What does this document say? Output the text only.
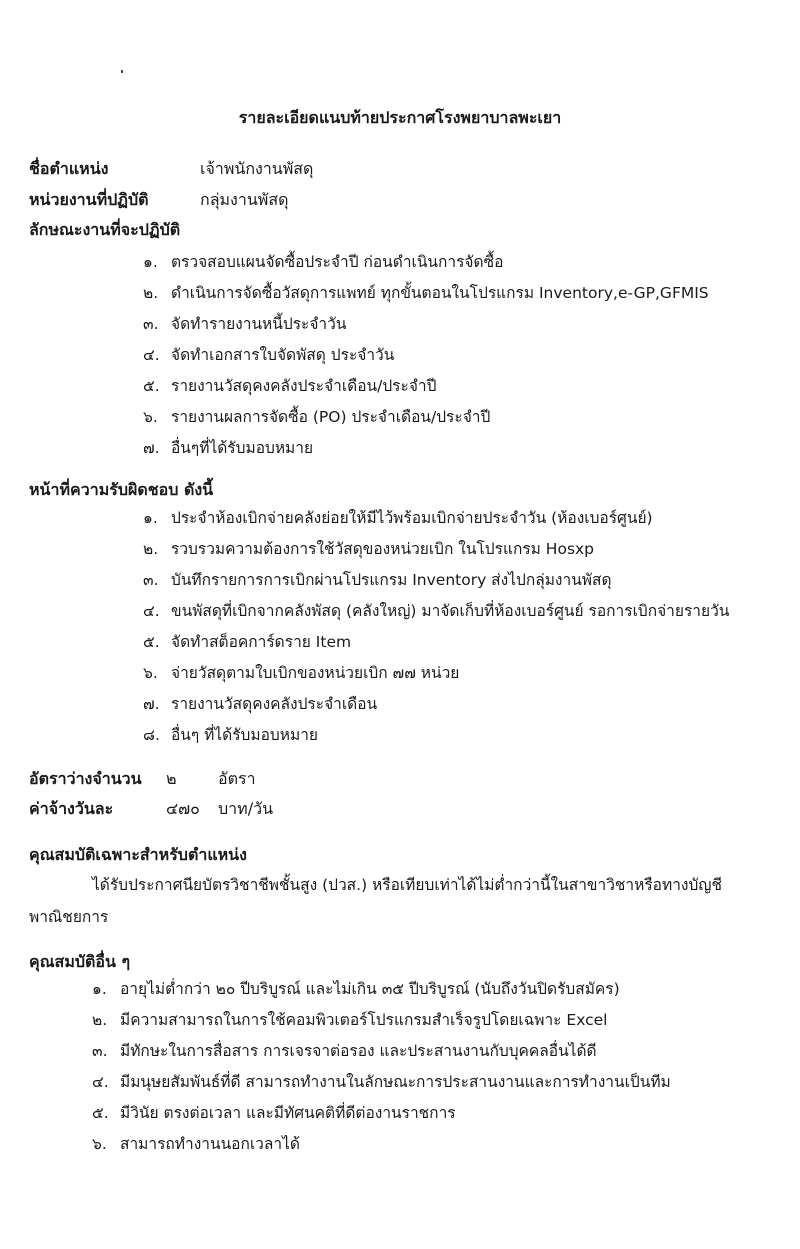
รายละเอียดแนบท้ายประกาศโรงพยาบาลพะเยา
ชื่อตำแหน่ง	เจ้าพนักงานพัสดุ
หน่วยงานที่ปฏิบัติ	กลุ่มงานพัสดุ
ลักษณะงานที่จะปฏิบัติ
๑. ตรวจสอบแผนจัดซื้อประจำปี ก่อนดำเนินการจัดซื้อ
๒. ดำเนินการจัดซื้อวัสดุการแพทย์ ทุกขั้นตอนในโปรแกรม Inventory,e-GP,GFMIS
๓. จัดทำรายงานหนี้ประจำวัน
๔. จัดทำเอกสารใบจัดพัสดุ ประจำวัน
๕. รายงานวัสดุคงคลังประจำเดือน/ประจำปี
๖. รายงานผลการจัดซื้อ (PO) ประจำเดือน/ประจำปี
๗. อื่นๆที่ได้รับมอบหมาย
หน้าที่ความรับผิดชอบ ดังนี้
๑. ประจำห้องเบิกจ่ายคลังย่อยให้มีไว้พร้อมเบิกจ่ายประจำวัน (ห้องเบอร์ศูนย์)
๒. รวบรวมความต้องการใช้วัสดุของหน่วยเบิก ในโปรแกรม Hosxp
๓. บันทึกรายการการเบิกผ่านโปรแกรม Inventory ส่งไปกลุ่มงานพัสดุ
๔. ขนพัสดุที่เบิกจากคลังพัสดุ (คลังใหญ่) มาจัดเก็บที่ห้องเบอร์ศูนย์ รอการเบิกจ่ายรายวัน
๕. จัดทำสต็อคการ์ดราย Item
๖. จ่ายวัสดุตามใบเบิกของหน่วยเบิก ๗๗ หน่วย
๗. รายงานวัสดุคงคลังประจำเดือน
๘. อื่นๆ ที่ได้รับมอบหมาย
อัตราว่างจำนวน ๒	อัตรา
ค่าจ้างวันละ	๔๗๐ บาท/วัน
คุณสมบัติเฉพาะสำหรับตำแหน่ง
ได้รับประกาศนียบัตรวิชาชีพชั้นสูง (ปวส.) หรือเทียบเท่าได้ไม่ต่ำกว่านี้ในสาขาวิชาหรือทางบัญชี
พาณิชยการ
คุณสมบัติอื่น ๆ
๑. อายุไม่ต่ำกว่า ๒๐ ปีบริบูรณ์ และไม่เกิน ๓๕ ปีบริบูรณ์ (นับถึงวันปิดรับสมัคร)
๒. มีความสามารถในการใช้คอมพิวเตอร์โปรแกรมสำเร็จรูปโดยเฉพาะ Excel
๓. มีทักษะในการสื่อสาร การเจรจาต่อรอง และประสานงานกับบุคคลอื่นได้ดี
๔. มีมนุษยสัมพันธ์ที่ดี สามารถทำงานในลักษณะการประสานงานและการทำงานเป็นทีม
๕. มีวินัย ตรงต่อเวลา และมีทัศนคติที่ดีต่องานราชการ
๖. สามารถทำงานนอกเวลาได้
